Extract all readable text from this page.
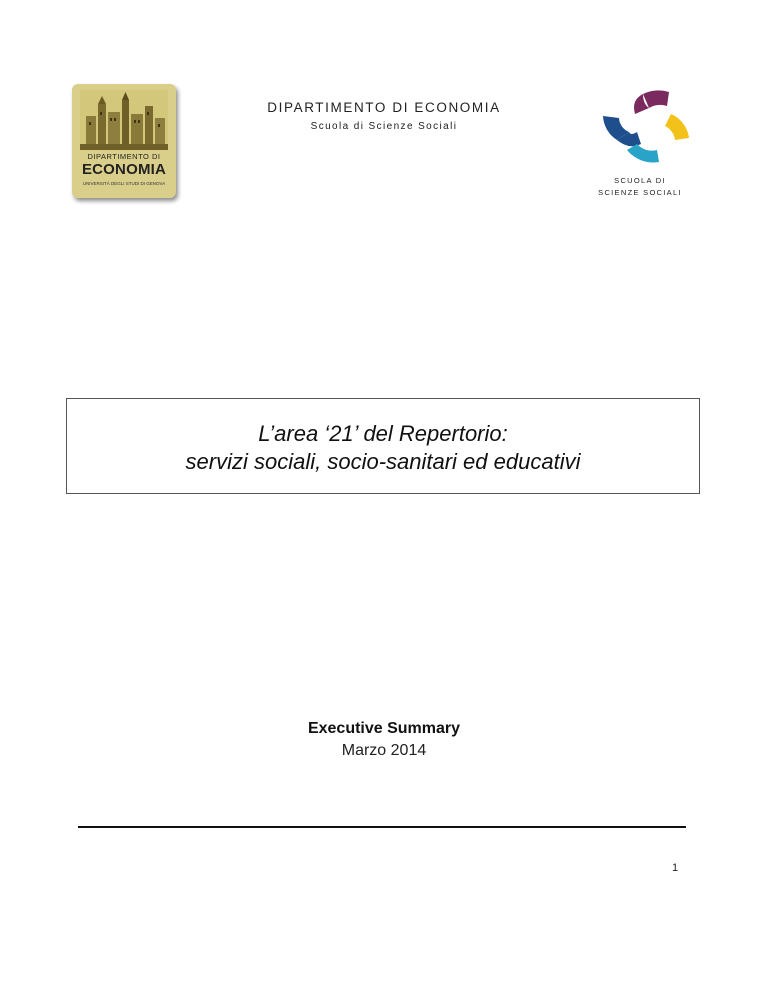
DIPARTIMENTO DI
ECONOMIA
UNIVERSITÀ DEGLI STUDI DI GENOVA
DIPARTIMENTO DI ECONOMIA
Scuola di Scienze Sociali
SCUOLA DI
SCIENZE SOCIALI
L’area ‘21’ del Repertorio:
servizi sociali, socio-sanitari ed educativi
Executive Summary
Marzo 2014
1
